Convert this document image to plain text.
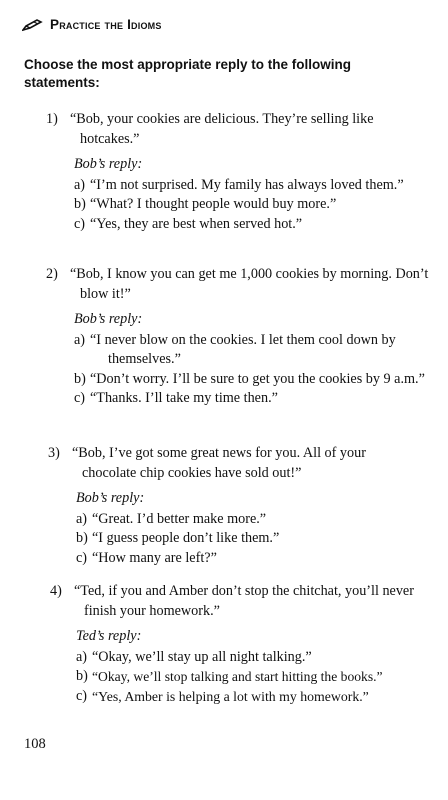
Practice the Idioms
Choose the most appropriate reply to the following statements:
1) “Bob, your cookies are delicious. They’re selling like hotcakes.”
Bob’s reply:
a) “I’m not surprised. My family has always loved them.”
b) “What? I thought people would buy more.”
c) “Yes, they are best when served hot.”
2) “Bob, I know you can get me 1,000 cookies by morning. Don’t blow it!”
Bob’s reply:
a) “I never blow on the cookies. I let them cool down by themselves.”
b) “Don’t worry. I’ll be sure to get you the cookies by 9 a.m.”
c) “Thanks. I’ll take my time then.”
3) “Bob, I’ve got some great news for you. All of your chocolate chip cookies have sold out!”
Bob’s reply:
a) “Great. I’d better make more.”
b) “I guess people don’t like them.”
c) “How many are left?”
4) “Ted, if you and Amber don’t stop the chitchat, you’ll never finish your homework.”
Ted’s reply:
a) “Okay, we’ll stay up all night talking.”
b) “Okay, we’ll stop talking and start hitting the books.”
c) “Yes, Amber is helping a lot with my homework.”
108
